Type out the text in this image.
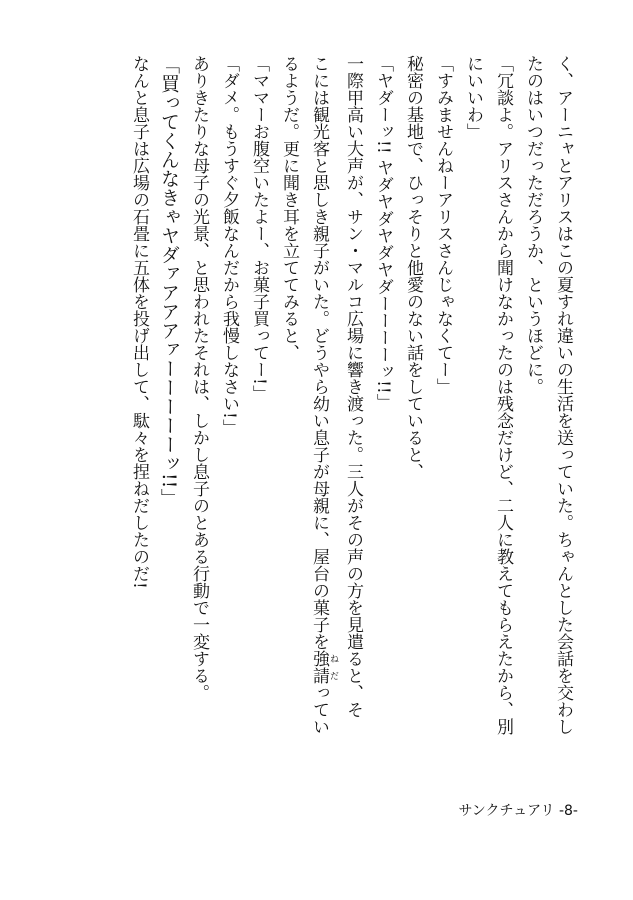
く、アーニャとアリスはこの夏すれ違いの生活を送っていた。ちゃんとした会話を交わし
たのはいつだっただろうか、というほどに。
「冗談よ。アリスさんから聞けなかったのは残念だけど、二人に教えてもらえたから、別
にいいわ」
「すみませんねーアリスさんじゃなくてー」
秘密の基地で、ひっそりと他愛のない話をしていると、
「ヤダーッ!! ヤダヤダヤダヤダーーーーッ!!」
一際甲高い大声が、サン・マルコ広場に響き渡った。三人がその声の方を見遣ると、そ
こには観光客と思しき親子がいた。どうやら幼い息子が母親に、屋台の菓子を強請 ねだってい
るようだ。更に聞き耳を立ててみると、
「ママーお腹空いたよー、お菓子買ってー!」
「ダメ。もうすぐ夕飯なんだから我慢しなさい!」
ありきたりな母子の光景、と思われたそれは、しかし息子のとある行動で一変する。
「買ってくんなきゃヤダァアアアァーーーーーッ!!」
なんと息子は広場の石畳に五体を投げ出して、駄々を捏ねだしたのだ!
サンクチュアリ -8-
